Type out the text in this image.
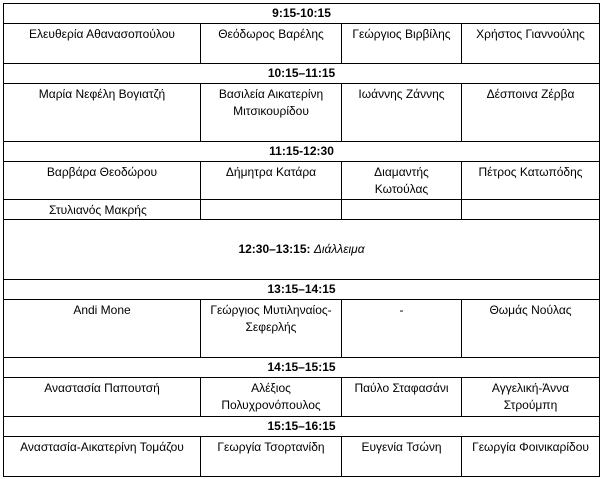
9:15-10:15			
Ελευθερία Αθανασοπούλου	Θεόδωρος Βαρέλης	Γεώργιος Βιρβίλης	Χρήστος Γιαννούλης
10:15–11:15			
Μαρία Νεφέλη Βογιατζή	Βασιλεία Αικατερίνη Μιτσικουρίδου	Ιωάννης Ζάννης	Δέσποινα Ζέρβα
11:15-12:30			
Βαρβάρα Θεοδώρου	Δήμητρα Κατάρα	Διαμαντής Κωτούλας	Πέτρος Κατωπόδης
Στυλιανός Μακρής			
12:30–13:15: Διάλλειμα			
13:15–14:15			
Andi Mone	Γεώργιος Μυτιληναίος-Σεφερλής	-	Θωμάς Νούλας
14:15–15:15			
Αναστασία Παπουτσή	Αλέξιος Πολυχρονόπουλος	Παύλο Σταφασάνι	Αγγελική-Άννα Στρούμπη
15:15–16:15			
Αναστασία-Αικατερίνη Τομάζου	Γεωργία Τσορτανίδη	Ευγενία Τσώνη	Γεωργία Φοινικαρίδου
